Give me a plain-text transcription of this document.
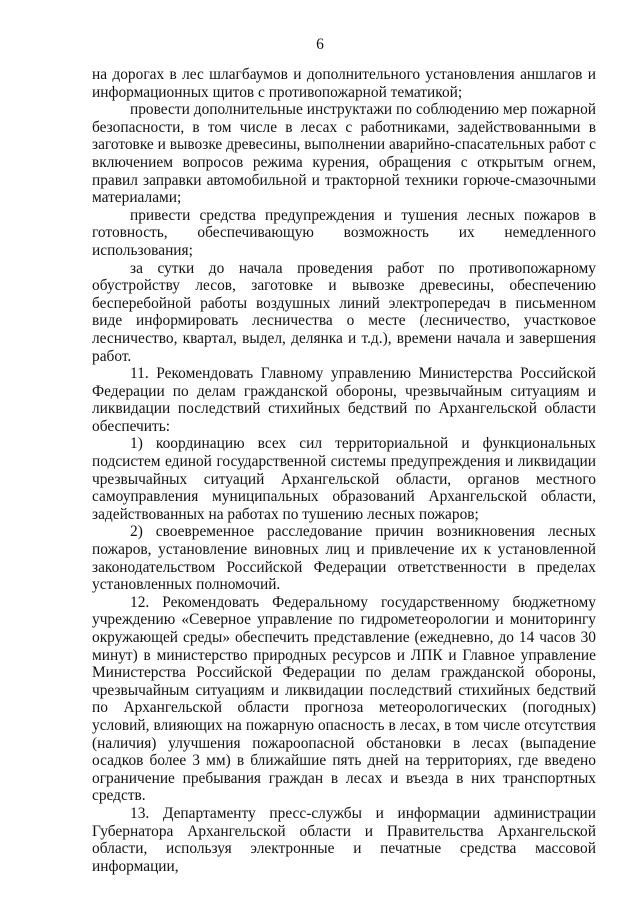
6

на дорогах в лес шлагбаумов и дополнительного установления аншлагов и информационных щитов с противопожарной тематикой;

провести дополнительные инструктажи по соблюдению мер пожарной безопасности, в том числе в лесах с работниками, задействованными в заготовке и вывозке древесины, выполнении аварийно-спасательных работ с включением вопросов режима курения, обращения с открытым огнем, правил заправки автомобильной и тракторной техники горюче-смазочными материалами;

привести средства предупреждения и тушения лесных пожаров в готовность, обеспечивающую возможность их немедленного использования;

за сутки до начала проведения работ по противопожарному обустройству лесов, заготовке и вывозке древесины, обеспечению бесперебойной работы воздушных линий электропередач в письменном виде информировать лесничества о месте (лесничество, участковое лесничество, квартал, выдел, делянка и т.д.), времени начала и завершения работ.

11. Рекомендовать Главному управлению Министерства Российской Федерации по делам гражданской обороны, чрезвычайным ситуациям и ликвидации последствий стихийных бедствий по Архангельской области обеспечить:

1) координацию всех сил территориальной и функциональных подсистем единой государственной системы предупреждения и ликвидации чрезвычайных ситуаций Архангельской области, органов местного самоуправления муниципальных образований Архангельской области, задействованных на работах по тушению лесных пожаров;

2) своевременное расследование причин возникновения лесных пожаров, установление виновных лиц и привлечение их к установленной законодательством Российской Федерации ответственности в пределах установленных полномочий.

12. Рекомендовать Федеральному государственному бюджетному учреждению «Северное управление по гидрометеорологии и мониторингу окружающей среды» обеспечить представление (ежедневно, до 14 часов 30 минут) в министерство природных ресурсов и ЛПК и Главное управление Министерства Российской Федерации по делам гражданской обороны, чрезвычайным ситуациям и ликвидации последствий стихийных бедствий по Архангельской области прогноза метеорологических (погодных) условий, влияющих на пожарную опасность в лесах, в том числе отсутствия (наличия) улучшения пожароопасной обстановки в лесах (выпадение осадков более 3 мм) в ближайшие пять дней на территориях, где введено ограничение пребывания граждан в лесах и въезда в них транспортных средств.

13. Департаменту пресс-службы и информации администрации Губернатора Архангельской области и Правительства Архангельской области, используя электронные и печатные средства массовой информации,
